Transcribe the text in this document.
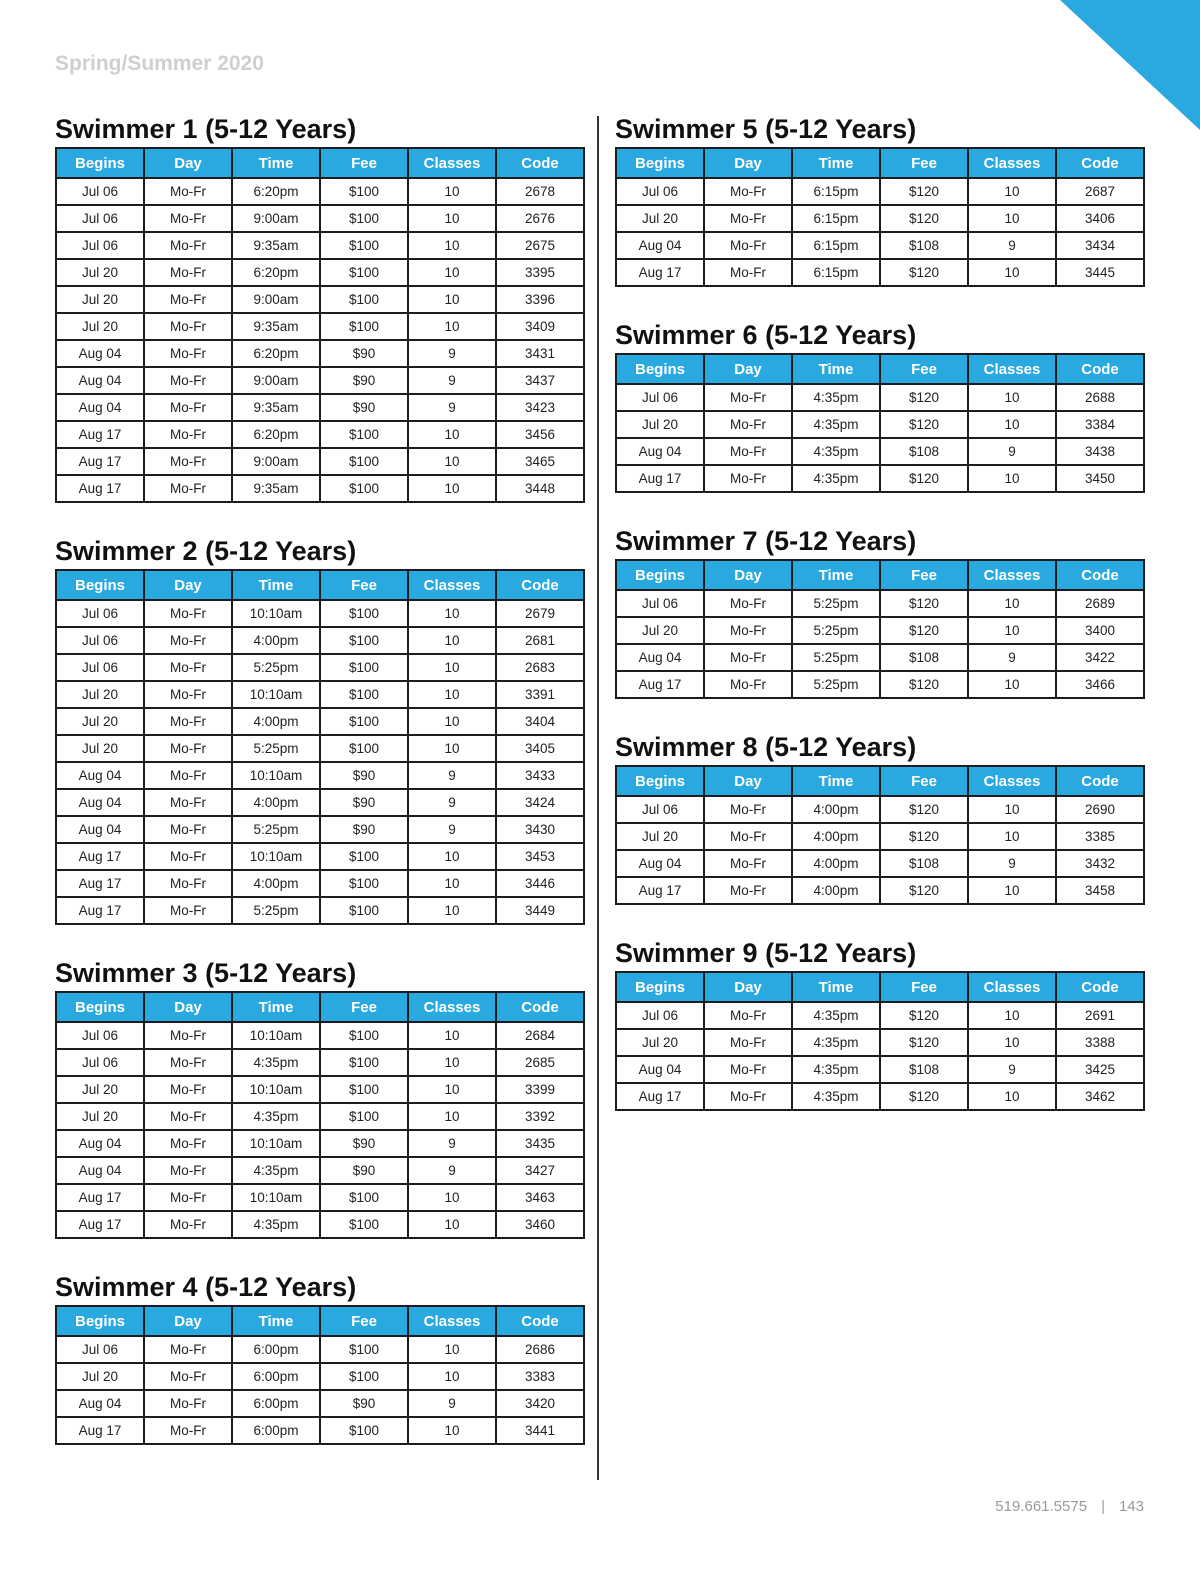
Spring/Summer 2020
Swimmer 1 (5-12 Years)
Begins	Day	Time	Fee	Classes	Code
Jul 06	Mo-Fr	6:20pm	$100	10	2678
Jul 06	Mo-Fr	9:00am	$100	10	2676
Jul 06	Mo-Fr	9:35am	$100	10	2675
Jul 20	Mo-Fr	6:20pm	$100	10	3395
Jul 20	Mo-Fr	9:00am	$100	10	3396
Jul 20	Mo-Fr	9:35am	$100	10	3409
Aug 04	Mo-Fr	6:20pm	$90	9	3431
Aug 04	Mo-Fr	9:00am	$90	9	3437
Aug 04	Mo-Fr	9:35am	$90	9	3423
Aug 17	Mo-Fr	6:20pm	$100	10	3456
Aug 17	Mo-Fr	9:00am	$100	10	3465
Aug 17	Mo-Fr	9:35am	$100	10	3448
Swimmer 2 (5-12 Years)
Begins	Day	Time	Fee	Classes	Code
Jul 06	Mo-Fr	10:10am	$100	10	2679
Jul 06	Mo-Fr	4:00pm	$100	10	2681
Jul 06	Mo-Fr	5:25pm	$100	10	2683
Jul 20	Mo-Fr	10:10am	$100	10	3391
Jul 20	Mo-Fr	4:00pm	$100	10	3404
Jul 20	Mo-Fr	5:25pm	$100	10	3405
Aug 04	Mo-Fr	10:10am	$90	9	3433
Aug 04	Mo-Fr	4:00pm	$90	9	3424
Aug 04	Mo-Fr	5:25pm	$90	9	3430
Aug 17	Mo-Fr	10:10am	$100	10	3453
Aug 17	Mo-Fr	4:00pm	$100	10	3446
Aug 17	Mo-Fr	5:25pm	$100	10	3449
Swimmer 3 (5-12 Years)
Begins	Day	Time	Fee	Classes	Code
Jul 06	Mo-Fr	10:10am	$100	10	2684
Jul 06	Mo-Fr	4:35pm	$100	10	2685
Jul 20	Mo-Fr	10:10am	$100	10	3399
Jul 20	Mo-Fr	4:35pm	$100	10	3392
Aug 04	Mo-Fr	10:10am	$90	9	3435
Aug 04	Mo-Fr	4:35pm	$90	9	3427
Aug 17	Mo-Fr	10:10am	$100	10	3463
Aug 17	Mo-Fr	4:35pm	$100	10	3460
Swimmer 4 (5-12 Years)
Begins	Day	Time	Fee	Classes	Code
Jul 06	Mo-Fr	6:00pm	$100	10	2686
Jul 20	Mo-Fr	6:00pm	$100	10	3383
Aug 04	Mo-Fr	6:00pm	$90	9	3420
Aug 17	Mo-Fr	6:00pm	$100	10	3441
Swimmer 5 (5-12 Years)
Begins	Day	Time	Fee	Classes	Code
Jul 06	Mo-Fr	6:15pm	$120	10	2687
Jul 20	Mo-Fr	6:15pm	$120	10	3406
Aug 04	Mo-Fr	6:15pm	$108	9	3434
Aug 17	Mo-Fr	6:15pm	$120	10	3445
Swimmer 6 (5-12 Years)
Begins	Day	Time	Fee	Classes	Code
Jul 06	Mo-Fr	4:35pm	$120	10	2688
Jul 20	Mo-Fr	4:35pm	$120	10	3384
Aug 04	Mo-Fr	4:35pm	$108	9	3438
Aug 17	Mo-Fr	4:35pm	$120	10	3450
Swimmer 7 (5-12 Years)
Begins	Day	Time	Fee	Classes	Code
Jul 06	Mo-Fr	5:25pm	$120	10	2689
Jul 20	Mo-Fr	5:25pm	$120	10	3400
Aug 04	Mo-Fr	5:25pm	$108	9	3422
Aug 17	Mo-Fr	5:25pm	$120	10	3466
Swimmer 8 (5-12 Years)
Begins	Day	Time	Fee	Classes	Code
Jul 06	Mo-Fr	4:00pm	$120	10	2690
Jul 20	Mo-Fr	4:00pm	$120	10	3385
Aug 04	Mo-Fr	4:00pm	$108	9	3432
Aug 17	Mo-Fr	4:00pm	$120	10	3458
Swimmer 9 (5-12 Years)
Begins	Day	Time	Fee	Classes	Code
Jul 06	Mo-Fr	4:35pm	$120	10	2691
Jul 20	Mo-Fr	4:35pm	$120	10	3388
Aug 04	Mo-Fr	4:35pm	$108	9	3425
Aug 17	Mo-Fr	4:35pm	$120	10	3462
519.661.5575 | 143
